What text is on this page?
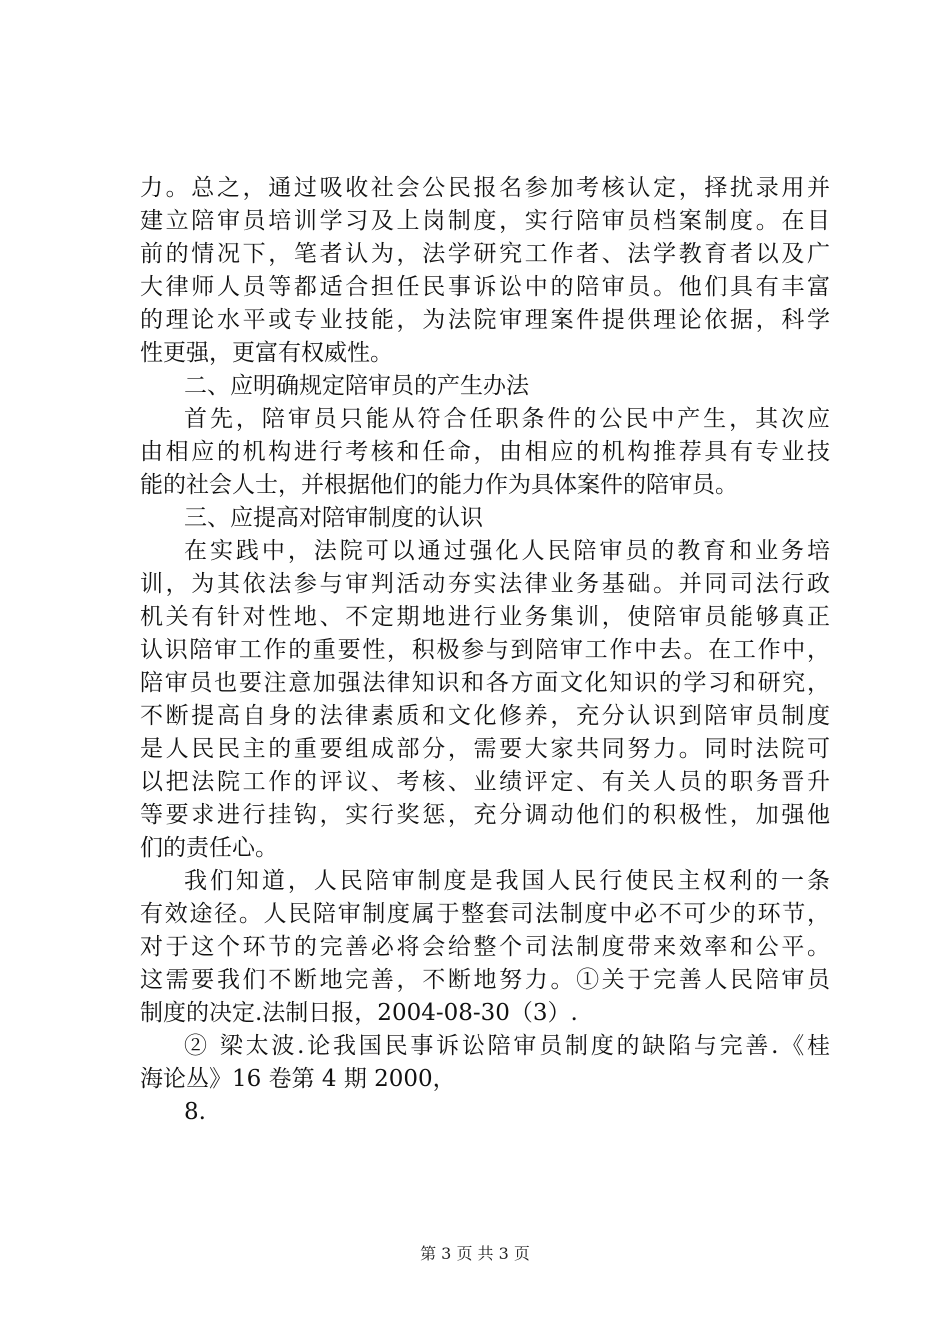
力。总之，通过吸收社会公民报名参加考核认定，择扰录用并
建立陪审员培训学习及上岗制度，实行陪审员档案制度。在目
前的情况下，笔者认为，法学研究工作者、法学教育者以及广
大律师人员等都适合担任民事诉讼中的陪审员。他们具有丰富
的理论水平或专业技能，为法院审理案件提供理论依据，科学
性更强，更富有权威性。
二、应明确规定陪审员的产生办法
首先，陪审员只能从符合任职条件的公民中产生，其次应
由相应的机构进行考核和任命，由相应的机构推荐具有专业技
能的社会人士，并根据他们的能力作为具体案件的陪审员。
三、应提高对陪审制度的认识
在实践中，法院可以通过强化人民陪审员的教育和业务培
训，为其依法参与审判活动夯实法律业务基础。并同司法行政
机关有针对性地、不定期地进行业务集训，使陪审员能够真正
认识陪审工作的重要性，积极参与到陪审工作中去。在工作中，
陪审员也要注意加强法律知识和各方面文化知识的学习和研究，
不断提高自身的法律素质和文化修养，充分认识到陪审员制度
是人民民主的重要组成部分，需要大家共同努力。同时法院可
以把法院工作的评议、考核、业绩评定、有关人员的职务晋升
等要求进行挂钩，实行奖惩，充分调动他们的积极性，加强他
们的责任心。
我们知道，人民陪审制度是我国人民行使民主权利的一条
有效途径。人民陪审制度属于整套司法制度中必不可少的环节，
对于这个环节的完善必将会给整个司法制度带来效率和公平。
这需要我们不断地完善，不断地努力。①关于完善人民陪审员
制度的决定.法制日报，2004-08-30（3）.
② 梁太波.论我国民事诉讼陪审员制度的缺陷与完善.《桂
海论丛》16 卷第 4 期 2000，
8.
第 3 页 共 3 页
